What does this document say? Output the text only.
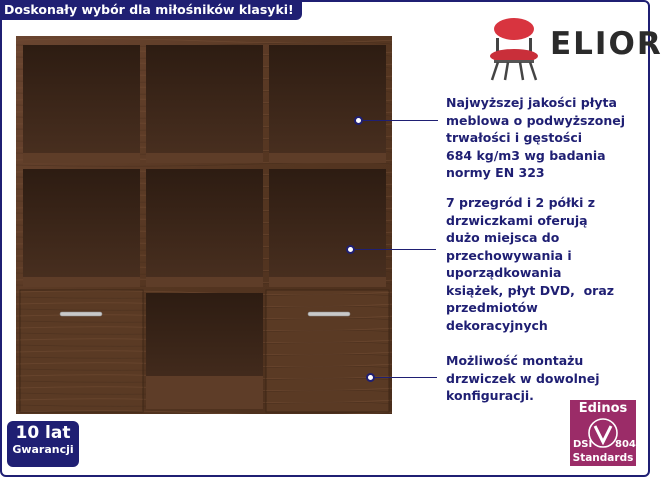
Doskonały wybór dla miłośników klasyki!
ELIOR
Najwyższej jakości płyta
meblowa o podwyższonej
trwałości i gęstości
684 kg/m3 wg badania
normy EN 323
7 przegród i 2 półki z
drzwiczkami oferują
dużo miejsca do
przechowywania i
uporządkowania
książek, płyt DVD,  oraz
przedmiotów
dekoracyjnych
Możliwość montażu
drzwiczek w dowolnej
konfiguracji.
10 lat
Gwarancji
Edinos
DSI 804
Standards
